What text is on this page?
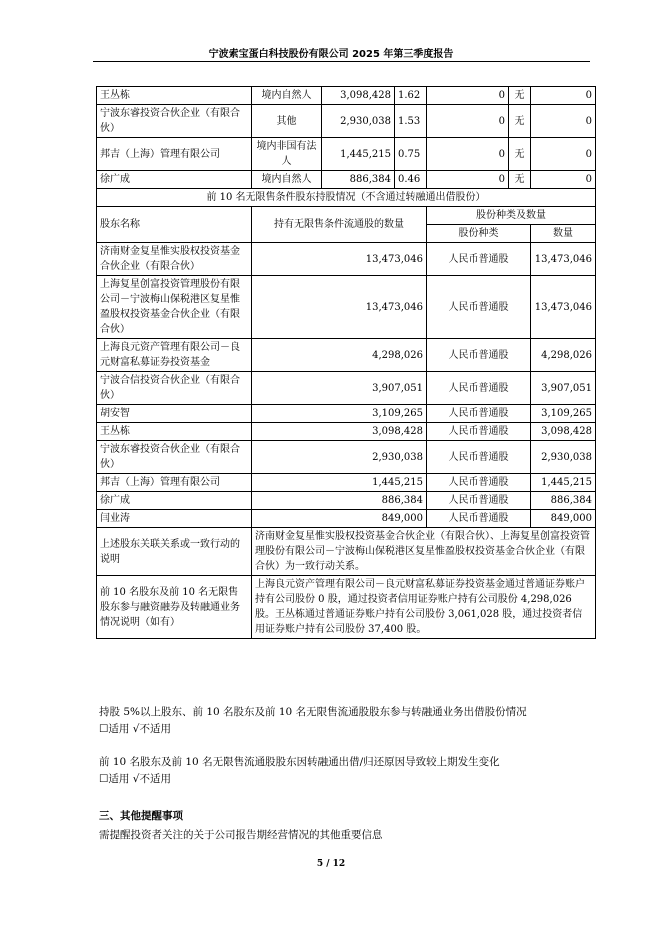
宁波索宝蛋白科技股份有限公司 2025 年第三季度报告
王丛栋	境内自然人	3,098,428	1.62	0	无	0
宁波东睿投资合伙企业（有限合伙）	其他	2,930,038	1.53	0	无	0
邦吉（上海）管理有限公司	境内非国有法人	1,445,215	0.75	0	无	0
徐广成	境内自然人	886,384	0.46	0	无	0
前 10 名无限售条件股东持股情况（不含通过转融通出借股份）						
股东名称	持有无限售条件流通股的数量			股份种类及数量		
				股份种类		数量
济南财金复星惟实股权投资基金合伙企业（有限合伙）	13,473,046			人民币普通股		13,473,046
上海复星创富投资管理股份有限公司－宁波梅山保税港区复星惟盈股权投资基金合伙企业（有限合伙）	13,473,046			人民币普通股		13,473,046
上海良元资产管理有限公司－良元财富私募证券投资基金	4,298,026			人民币普通股		4,298,026
宁波合信投资合伙企业（有限合伙）	3,907,051			人民币普通股		3,907,051
胡安智	3,109,265			人民币普通股		3,109,265
王丛栋	3,098,428			人民币普通股		3,098,428
宁波东睿投资合伙企业（有限合伙）	2,930,038			人民币普通股		2,930,038
邦吉（上海）管理有限公司	1,445,215			人民币普通股		1,445,215
徐广成	886,384			人民币普通股		886,384
闫业涛	849,000			人民币普通股		849,000
上述股东关联关系或一致行动的说明	济南财金复星惟实股权投资基金合伙企业（有限合伙）、上海复星创富投资管理股份有限公司－宁波梅山保税港区复星惟盈股权投资基金合伙企业（有限合伙）为一致行动关系。					
前 10 名股东及前 10 名无限售股东参与融资融券及转融通业务情况说明（如有）	上海良元资产管理有限公司－良元财富私募证券投资基金通过普通证券账户持有公司股份 0 股，通过投资者信用证券账户持有公司股份 4,298,026 股。王丛栋通过普通证券账户持有公司股份 3,061,028 股，通过投资者信用证券账户持有公司股份 37,400 股。					
持股 5%以上股东、前 10 名股东及前 10 名无限售流通股股东参与转融通业务出借股份情况
☐适用 √不适用
前 10 名股东及前 10 名无限售流通股股东因转融通出借/归还原因导致较上期发生变化
☐适用 √不适用
三、其他提醒事项
需提醒投资者关注的关于公司报告期经营情况的其他重要信息
5 / 12
